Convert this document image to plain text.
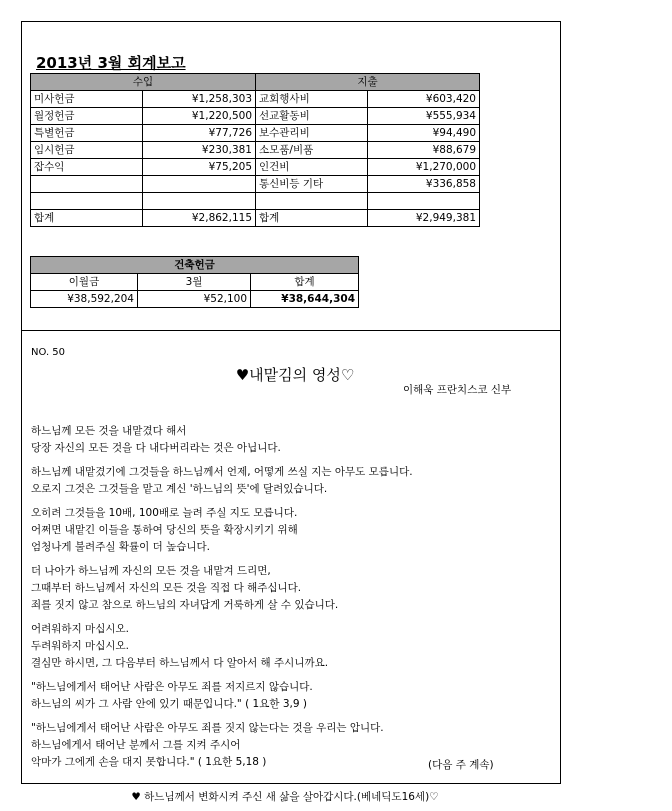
2013년 3월 회계보고
수입		지출	
미사헌금	¥1,258,303	교회행사비	¥603,420
월정헌금	¥1,220,500	선교활동비	¥555,934
특별헌금	¥77,726	보수관리비	¥94,490
임시헌금	¥230,381	소모품/비품	¥88,679
잡수익	¥75,205	인건비	¥1,270,000
		통신비등 기타	¥336,858

합계	¥2,862,115	합계	¥2,949,381
건축헌금		
이월금	3월	합계
¥38,592,204	¥52,100	¥38,644,304
NO. 50
♥내맡김의 영성♡
이해욱 프란치스코 신부
하느님께 모든 것을 내맡겼다 해서
당장 자신의 모든 것을 다 내다버리라는 것은 아닙니다.
하느님께 내맡겼기에 그것들을 하느님께서 언제, 어떻게 쓰실 지는 아무도 모릅니다.
오로지 그것은 그것들을 맡고 계신 '하느님의 뜻'에 달려있습니다.
오히려 그것들을 10배, 100배로 늘려 주실 지도 모릅니다.
어쩌면 내맡긴 이들을 통하여 당신의 뜻을 확장시키기 위해
엄청나게 불려주실 확률이 더 높습니다.
더 나아가 하느님께 자신의 모든 것을 내맡겨 드리면,
그때부터 하느님께서 자신의 모든 것을 직접 다 해주십니다.
죄를 짓지 않고 참으로 하느님의 자녀답게 거룩하게 살 수 있습니다.
어려워하지 마십시오.
두려워하지 마십시오.
결심만 하시면, 그 다음부터 하느님께서 다 알아서 해 주시니까요.
"하느님에게서 태어난 사람은 아무도 죄를 저지르지 않습니다.
하느님의 씨가 그 사람 안에 있기 때문입니다." ( 1요한 3,9 )
"하느님에게서 태어난 사람은 아무도 죄를 짓지 않는다는 것을 우리는 압니다.
하느님에게서 태어난 분께서 그를 지켜 주시어
악마가 그에게 손을 대지 못합니다." ( 1요한 5,18 )	(다음 주 계속)
♥ 하느님께서 변화시켜 주신 새 삶을 살아갑시다.(베네딕도16세)♡
